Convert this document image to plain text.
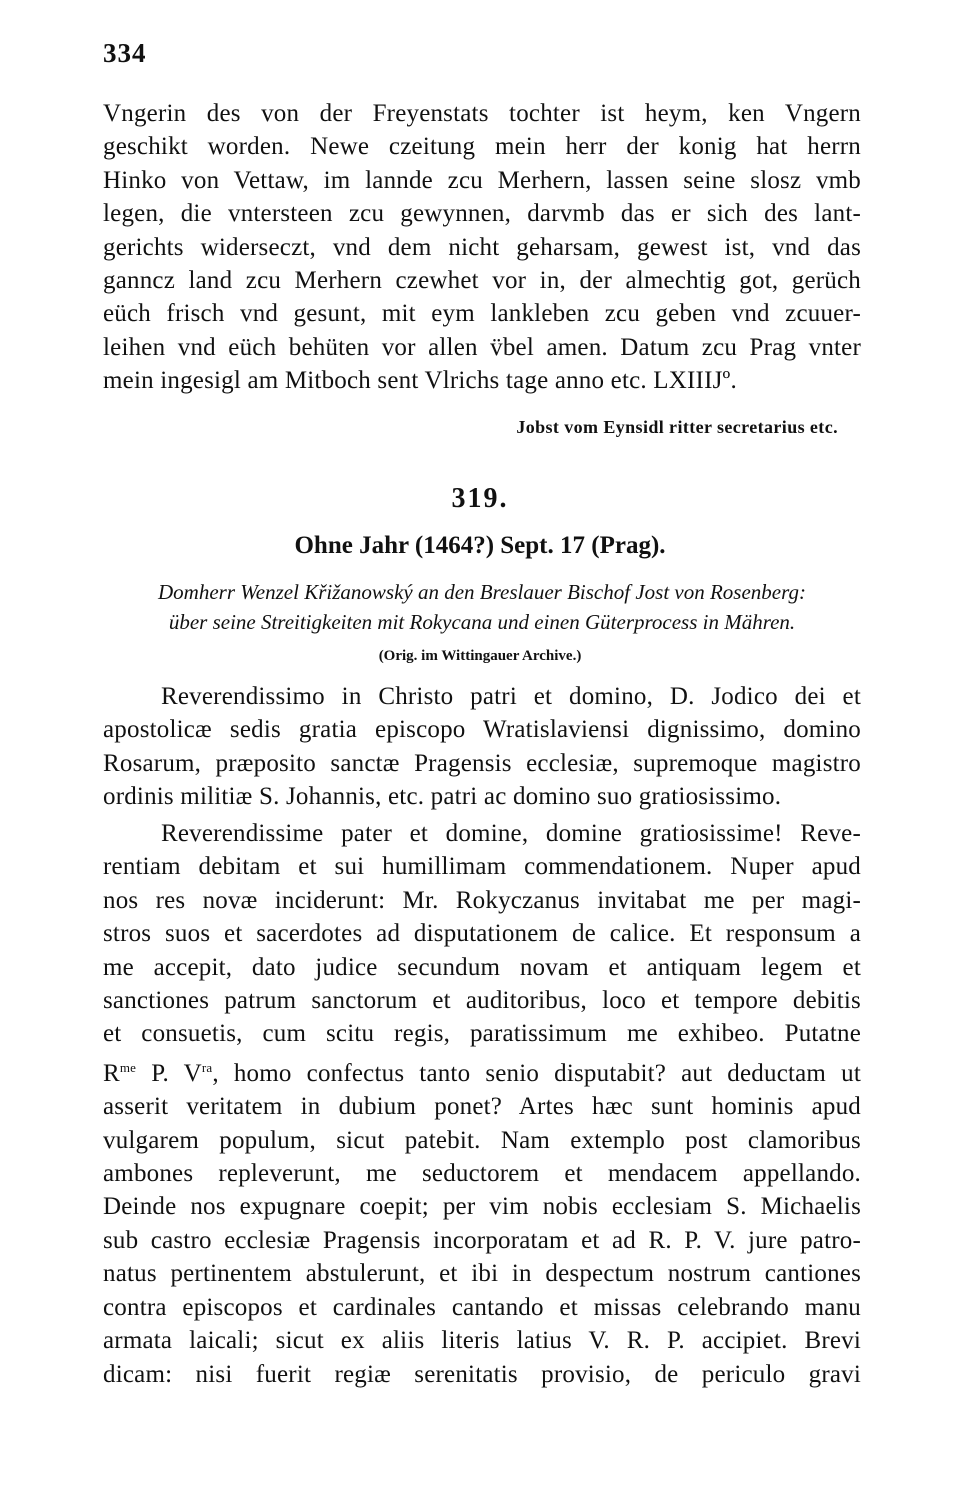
334
Vngerin des von der Freyenstats tochter ist heym, ken Vngern
geschikt worden. Newe czeitung mein herr der konig hat herrn
Hinko von Vettaw, im lannde zcu Merhern, lassen seine slosz vmb
legen, die vntersteen zcu gewynnen, darvmb das er sich des lant-
gerichts widerseczt, vnd dem nicht geharsam, gewest ist, vnd das
ganncz land zcu Merhern czewhet vor in, der almechtig got, gerüch
eüch frisch vnd gesunt, mit eym lankleben zcu geben vnd zcuuer-
leihen vnd eüch behüten vor allen v̈bel amen. Datum zcu Prag vnter
mein ingesigl am Mitboch sent Vlrichs tage anno etc. LXIIIJº.
Jobst vom Eynsidl ritter secretarius etc.
319.
Ohne Jahr (1464?) Sept. 17 (Prag).
Domherr Wenzel Křižanowský an den Breslauer Bischof Jost von Rosenberg:
über seine Streitigkeiten mit Rokycana und einen Güterprocess in Mähren.
(Orig. im Wittingauer Archive.)
Reverendissimo in Christo patri et domino, D. Jodico dei et
apostolicæ sedis gratia episcopo Wratislaviensi dignissimo, domino
Rosarum, præposito sanctæ Pragensis ecclesiæ, supremoque magistro
ordinis militiæ S. Johannis, etc. patri ac domino suo gratiosissimo.
Reverendissime pater et domine, domine gratiosissime! Reve-
rentiam debitam et sui humillimam commendationem. Nuper apud
nos res novæ inciderunt: Mr. Rokyczanus invitabat me per magi-
stros suos et sacerdotes ad disputationem de calice. Et responsum a
me accepit, dato judice secundum novam et antiquam legem et
sanctiones patrum sanctorum et auditoribus, loco et tempore debitis
et consuetis, cum scitu regis, paratissimum me exhibeo. Putatne
$R^{me}$ P. $V^{ra}$, homo confectus tanto senio disputabit? aut deductam ut
asserit veritatem in dubium ponet? Artes hæc sunt hominis apud
vulgarem populum, sicut patebit. Nam extemplo post clamoribus
ambones repleverunt, me seductorem et mendacem appellando.
Deinde nos expugnare coepit; per vim nobis ecclesiam S. Michaelis
sub castro ecclesiæ Pragensis incorporatam et ad R. P. V. jure patro-
natus pertinentem abstulerunt, et ibi in despectum nostrum cantiones
contra episcopos et cardinales cantando et missas celebrando manu
armata laicali; sicut ex aliis literis latius V. R. P. accipiet. Brevi
dicam: nisi fuerit regiæ serenitatis provisio, de periculo gravi
